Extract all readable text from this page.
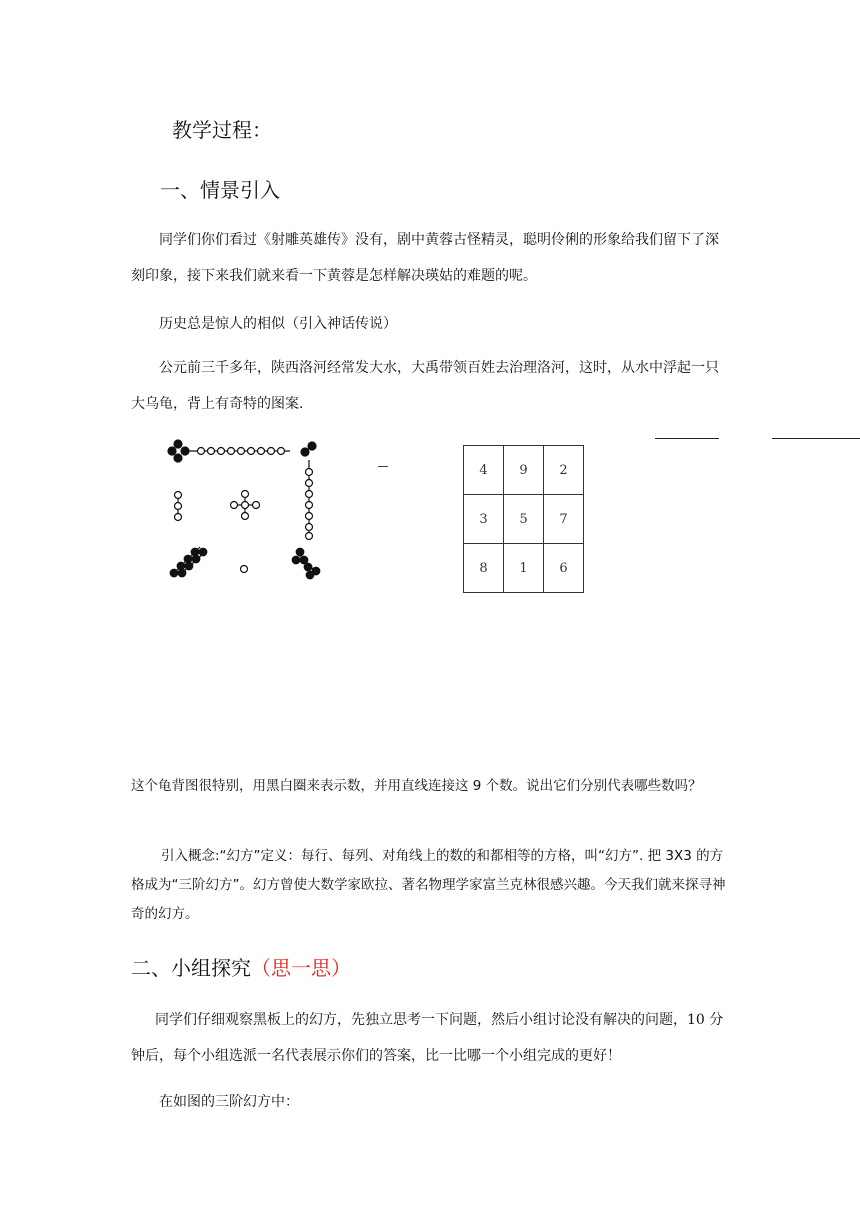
教学过程：
一、情景引入
同学们你们看过《射雕英雄传》没有，剧中黄蓉古怪精灵，聪明伶俐的形象给我们留下了深刻印象，接下来我们就来看一下黄蓉是怎样解决瑛姑的难题的呢。
历史总是惊人的相似（引入神话传说）
公元前三千多年，陕西洛河经常发大水，大禹带领百姓去治理洛河，这时，从水中浮起一只大乌龟，背上有奇特的图案.
4	9	2
3	5	7
8	1	6
这个龟背图很特别，用黑白圈来表示数，并用直线连接这 9 个数。说出它们分别代表哪些数吗？
引入概念:“幻方”定义：每行、每列、对角线上的数的和都相等的方格，叫“幻方”. 把 3X3 的方格成为“三阶幻方”。幻方曾使大数学家欧拉、著名物理学家富兰克林很感兴趣。今天我们就来探寻神奇的幻方。
二、小组探究（思一思）
同学们仔细观察黑板上的幻方，先独立思考一下问题，然后小组讨论没有解决的问题，10 分钟后，每个小组选派一名代表展示你们的答案，比一比哪一个小组完成的更好！
在如图的三阶幻方中：
